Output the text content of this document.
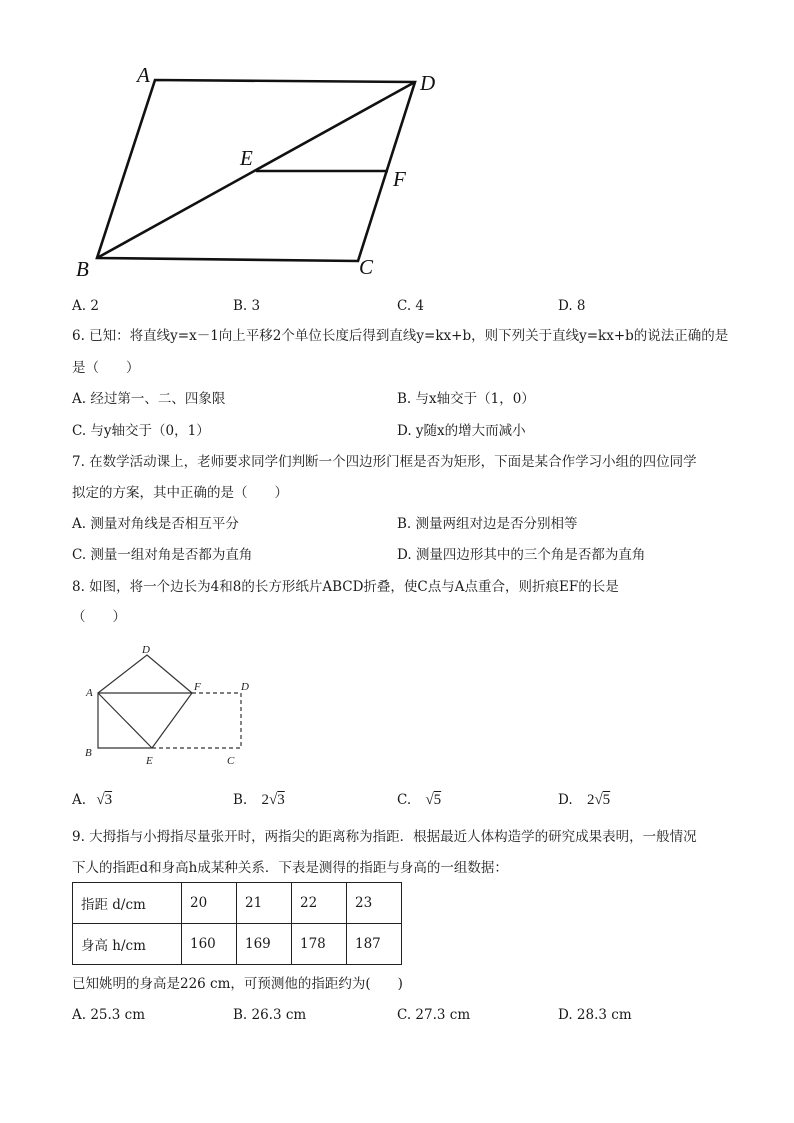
A	D
E
F
B	C
A. 2	B. 3	C. 4	D. 8
6. 已知：将直线y=x－1向上平移2个单位长度后得到直线y=kx+b，则下列关于直线y=kx+b的说法正确的是
是（　　）
A. 经过第一、二、四象限	B. 与x轴交于（1，0）
C. 与y轴交于（0，1）	D. y随x的增大而减小
7. 在数学活动课上，老师要求同学们判断一个四边形门框是否为矩形，下面是某合作学习小组的四位同学
拟定的方案，其中正确的是（　　）
A. 测量对角线是否相互平分	B. 测量两组对边是否分别相等
C. 测量一组对角是否都为直角	D. 测量四边形其中的三个角是否都为直角
8. 如图，将一个边长为4和8的长方形纸片ABCD折叠，使C点与A点重合，则折痕EF的长是
（　　）
D
A	F	D
B
E	C
A. √3	B. 2√3	C. √5	D. 2√5
9. 大拇指与小拇指尽量张开时，两指尖的距离称为指距．根据最近人体构造学的研究成果表明，一般情况
下人的指距d和身高h成某种关系．下表是测得的指距与身高的一组数据：
指距 d/cm	20	21	22	23
身高 h/cm	160	169	178	187
已知姚明的身高是226 cm，可预测他的指距约为(　　)
A. 25.3 cm	B. 26.3 cm	C. 27.3 cm	D. 28.3 cm
